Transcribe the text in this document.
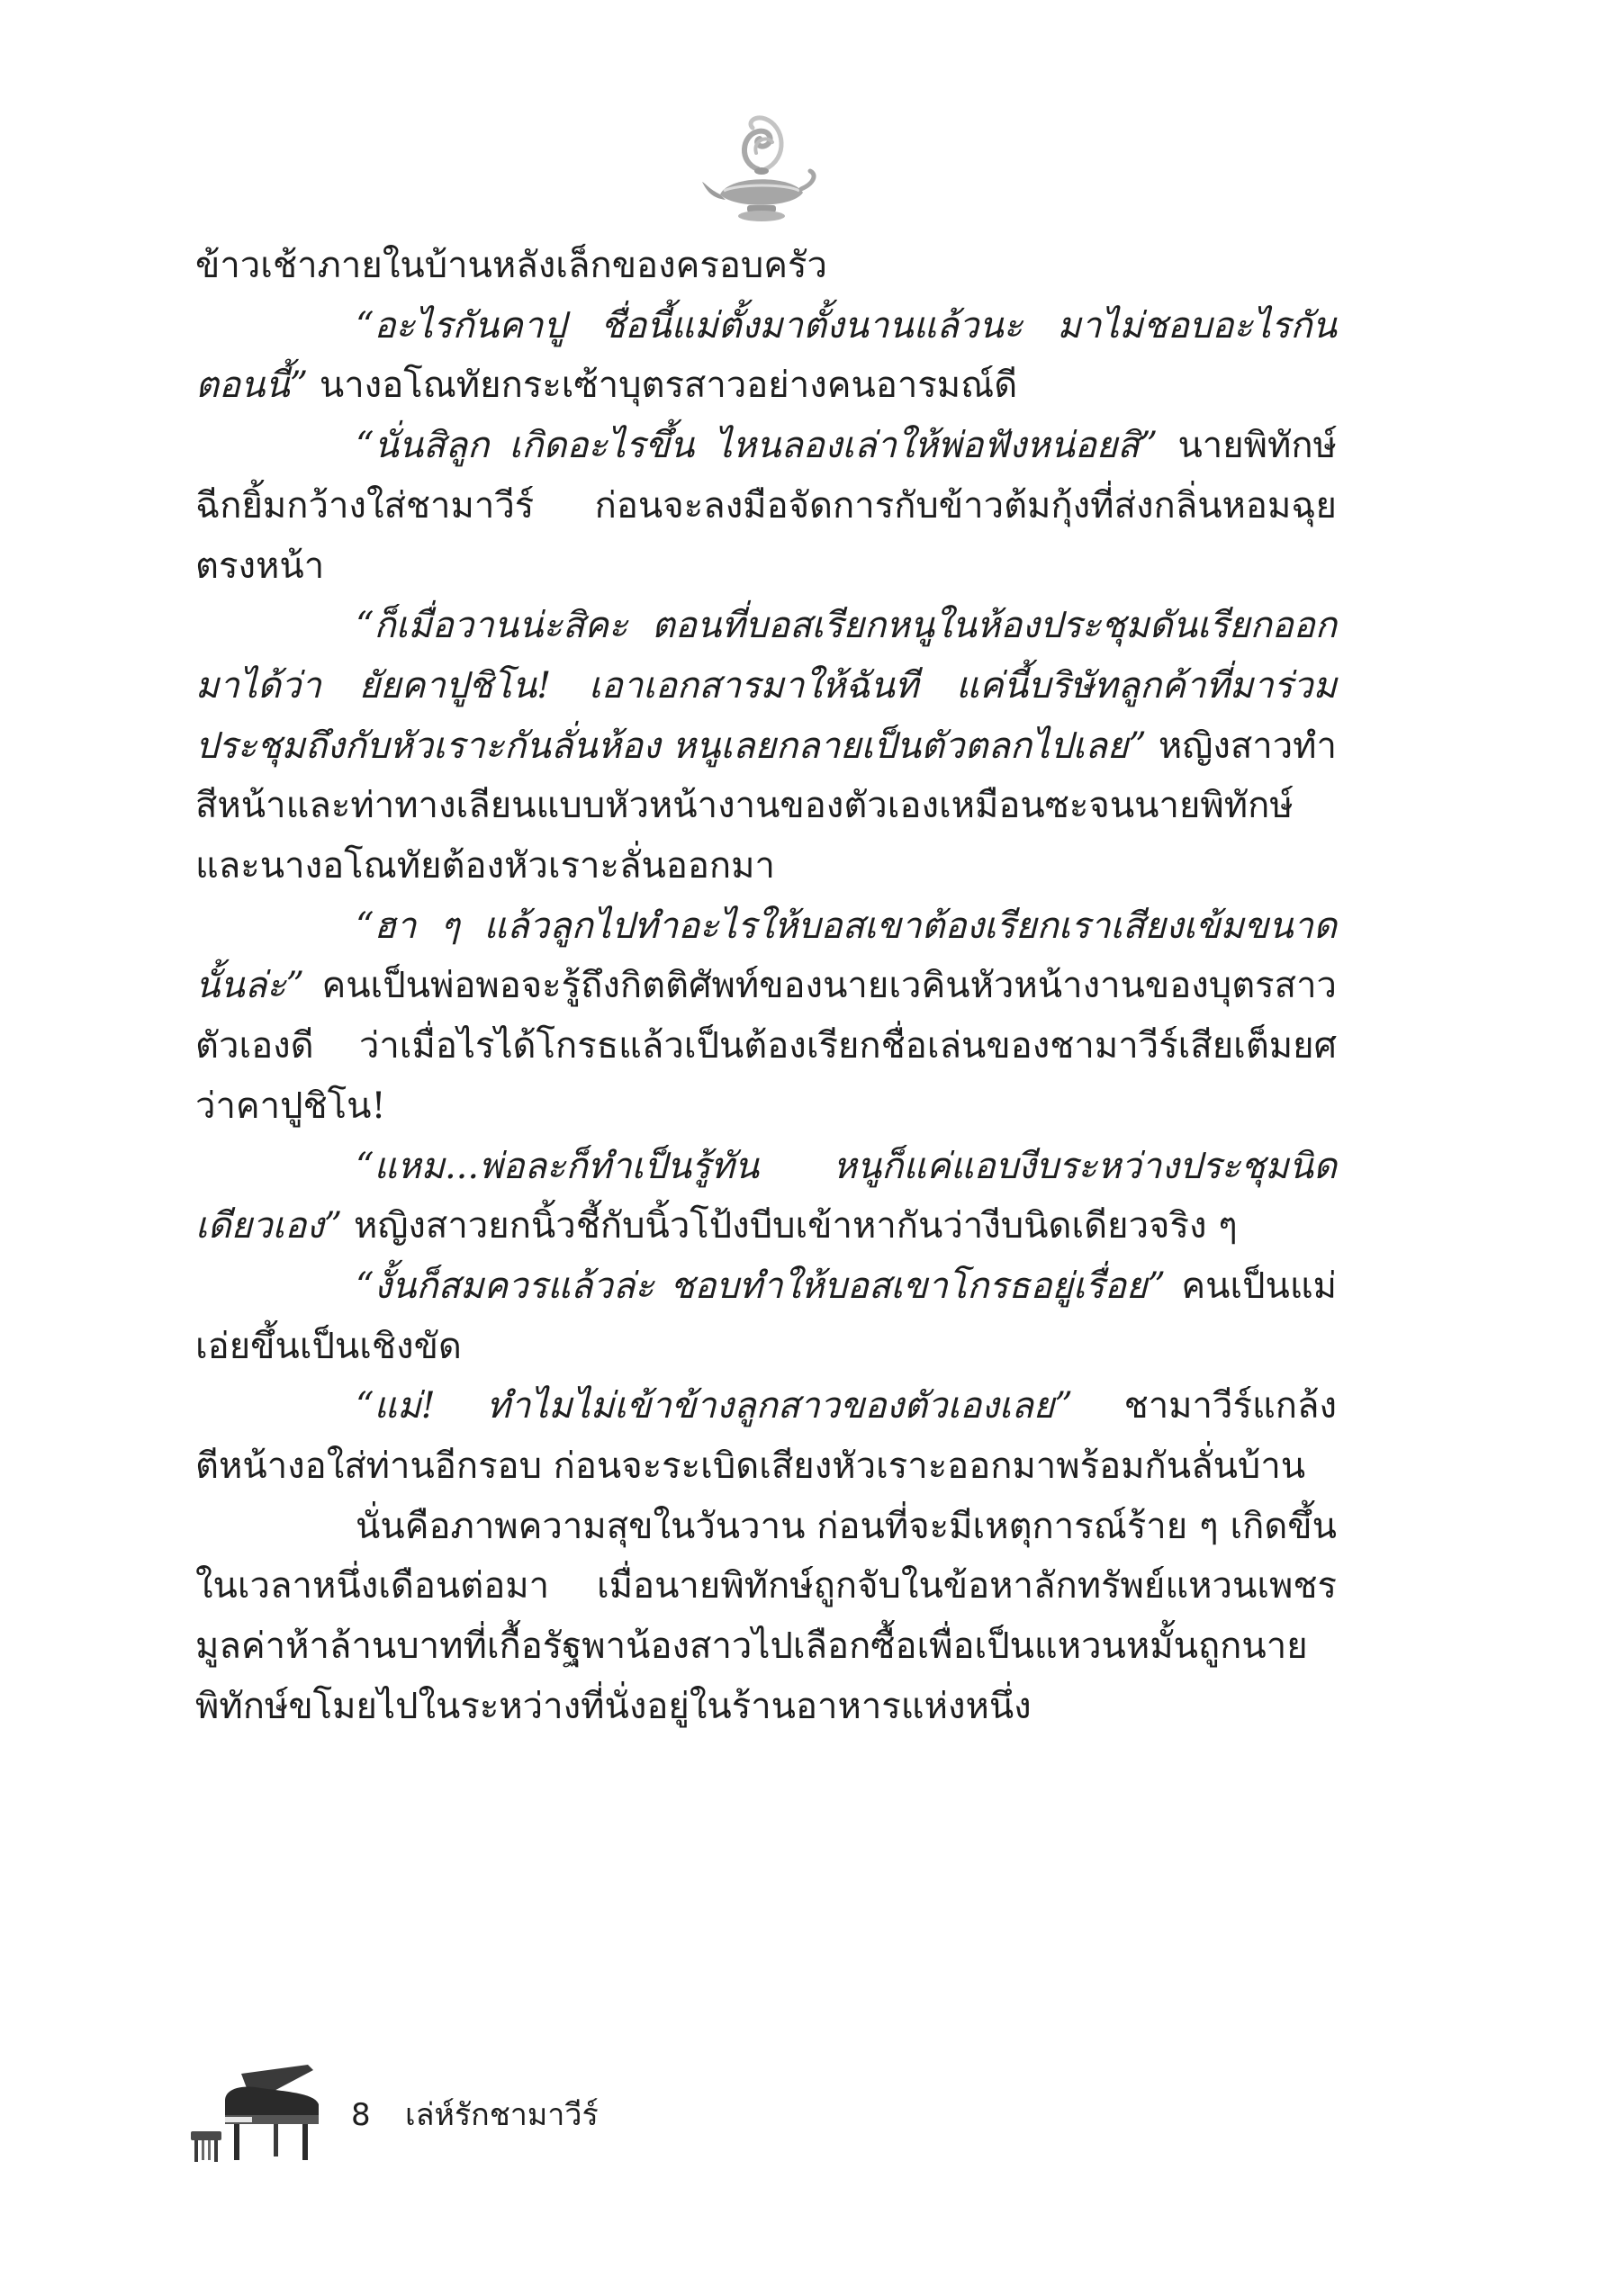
ข้าวเช้าภายในบ้านหลังเล็กของครอบครัว

“อะไรกันคาปู ชื่อนี้แม่ตั้งมาตั้งนานแล้วนะ มาไม่ชอบอะไรกันตอนนี้” นางอโณทัยกระเซ้าบุตรสาวอย่างคนอารมณ์ดี

“นั่นสิลูก เกิดอะไรขึ้น ไหนลองเล่าให้พ่อฟังหน่อยสิ” นายพิทักษ์ฉีกยิ้มกว้างใส่ชามาวีร์ ก่อนจะลงมือจัดการกับข้าวต้มกุ้งที่ส่งกลิ่นหอมฉุยตรงหน้า

“ก็เมื่อวานน่ะสิคะ ตอนที่บอสเรียกหนูในห้องประชุมดันเรียกออกมาได้ว่า ยัยคาปูชิโน! เอาเอกสารมาให้ฉันที แค่นี้บริษัทลูกค้าที่มาร่วมประชุมถึงกับหัวเราะกันลั่นห้อง หนูเลยกลายเป็นตัวตลกไปเลย” หญิงสาวทำสีหน้าและท่าทางเลียนแบบหัวหน้างานของตัวเองเหมือนซะจนนายพิทักษ์และนางอโณทัยต้องหัวเราะลั่นออกมา

“ฮา ๆ แล้วลูกไปทำอะไรให้บอสเขาต้องเรียกเราเสียงเข้มขนาดนั้นล่ะ” คนเป็นพ่อพอจะรู้ถึงกิตติศัพท์ของนายเวคินหัวหน้างานของบุตรสาวตัวเองดี ว่าเมื่อไรได้โกรธแล้วเป็นต้องเรียกชื่อเล่นของชามาวีร์เสียเต็มยศว่าคาปูชิโน!

“แหม...พ่อละก็ทำเป็นรู้ทัน หนูก็แค่แอบงีบระหว่างประชุมนิดเดียวเอง” หญิงสาวยกนิ้วชี้กับนิ้วโป้งบีบเข้าหากันว่างีบนิดเดียวจริง ๆ

“งั้นก็สมควรแล้วล่ะ ชอบทำให้บอสเขาโกรธอยู่เรื่อย” คนเป็นแม่เอ่ยขึ้นเป็นเชิงขัด

“แม่! ทำไมไม่เข้าข้างลูกสาวของตัวเองเลย” ชามาวีร์แกล้งตีหน้างอใส่ท่านอีกรอบ ก่อนจะระเบิดเสียงหัวเราะออกมาพร้อมกันลั่นบ้าน

นั่นคือภาพความสุขในวันวาน ก่อนที่จะมีเหตุการณ์ร้าย ๆ เกิดขึ้นในเวลาหนึ่งเดือนต่อมา เมื่อนายพิทักษ์ถูกจับในข้อหาลักทรัพย์แหวนเพชรมูลค่าห้าล้านบาทที่เกื้อรัฐพาน้องสาวไปเลือกซื้อเพื่อเป็นแหวนหมั้นถูกนายพิทักษ์ขโมยไปในระหว่างที่นั่งอยู่ในร้านอาหารแห่งหนึ่ง

8 เล่ห์รักชามาวีร์
